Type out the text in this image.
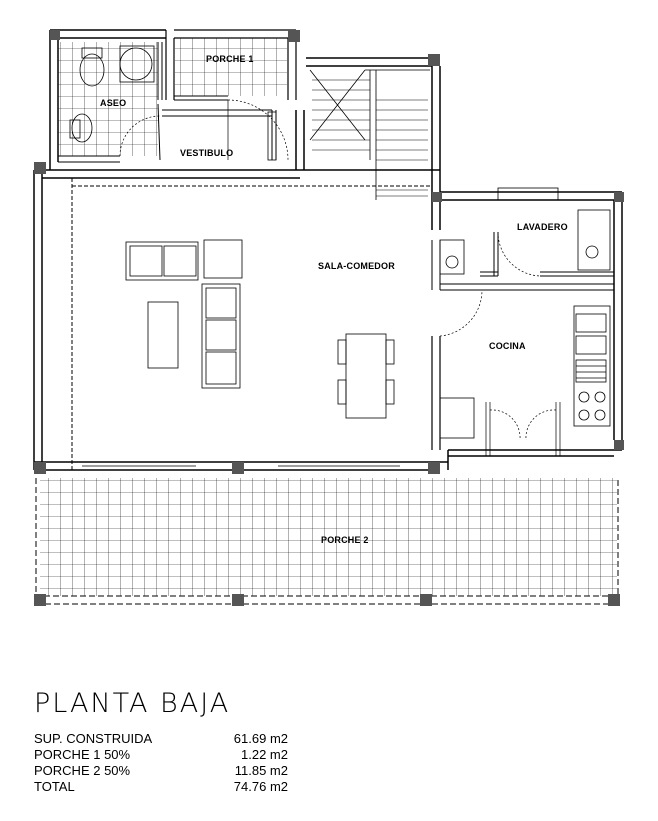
PORCHE 1
ASEO
VESTIBULO
SALA-COMEDOR
LAVADERO
COCINA
PORCHE 2
PLANTA BAJA
SUP. CONSTRUIDA	61.69 m2
PORCHE 1 50%	1.22 m2
PORCHE 2 50%	11.85 m2
TOTAL	74.76 m2
